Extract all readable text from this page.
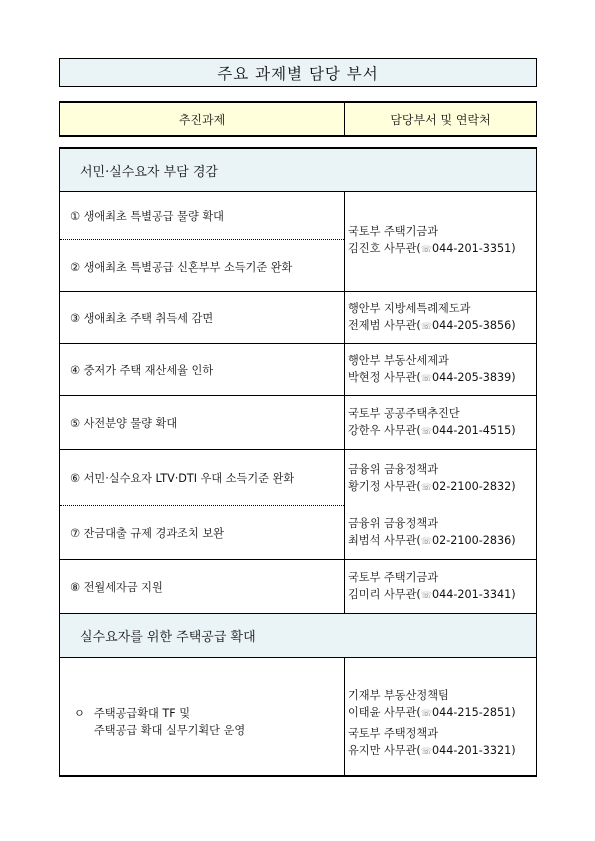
주요 과제별 담당 부서
추진과제	담당부서 및 연락처
서민·실수요자 부담 경감
① 생애최초 특별공급 물량 확대
② 생애최초 특별공급 신혼부부 소득기준 완화
③ 생애최초 주택 취득세 감면
④ 중저가 주택 재산세율 인하
⑤ 사전분양 물량 확대
⑥ 서민·실수요자 LTV·DTI 우대 소득기준 완화
⑦ 잔금대출 규제 경과조치 보완
⑧ 전월세자금 지원
국토부 주택기금과
김진호 사무관(☏044-201-3351)
행안부 지방세특례제도과
전제범 사무관(☏044-205-3856)
행안부 부동산세제과
박현정 사무관(☏044-205-3839)
국토부 공공주택추진단
강한우 사무관(☏044-201-4515)
금융위 금융정책과
황기정 사무관(☏02-2100-2832)
금융위 금융정책과
최범석 사무관(☏02-2100-2836)
국토부 주택기금과
김미리 사무관(☏044-201-3341)
실수요자를 위한 주택공급 확대
ㅇ 주택공급확대 TF 및
주택공급 확대 실무기획단 운영
기재부 부동산정책팀
이태윤 사무관(☏044-215-2851)
국토부 주택정책과
유지만 사무관(☏044-201-3321)
